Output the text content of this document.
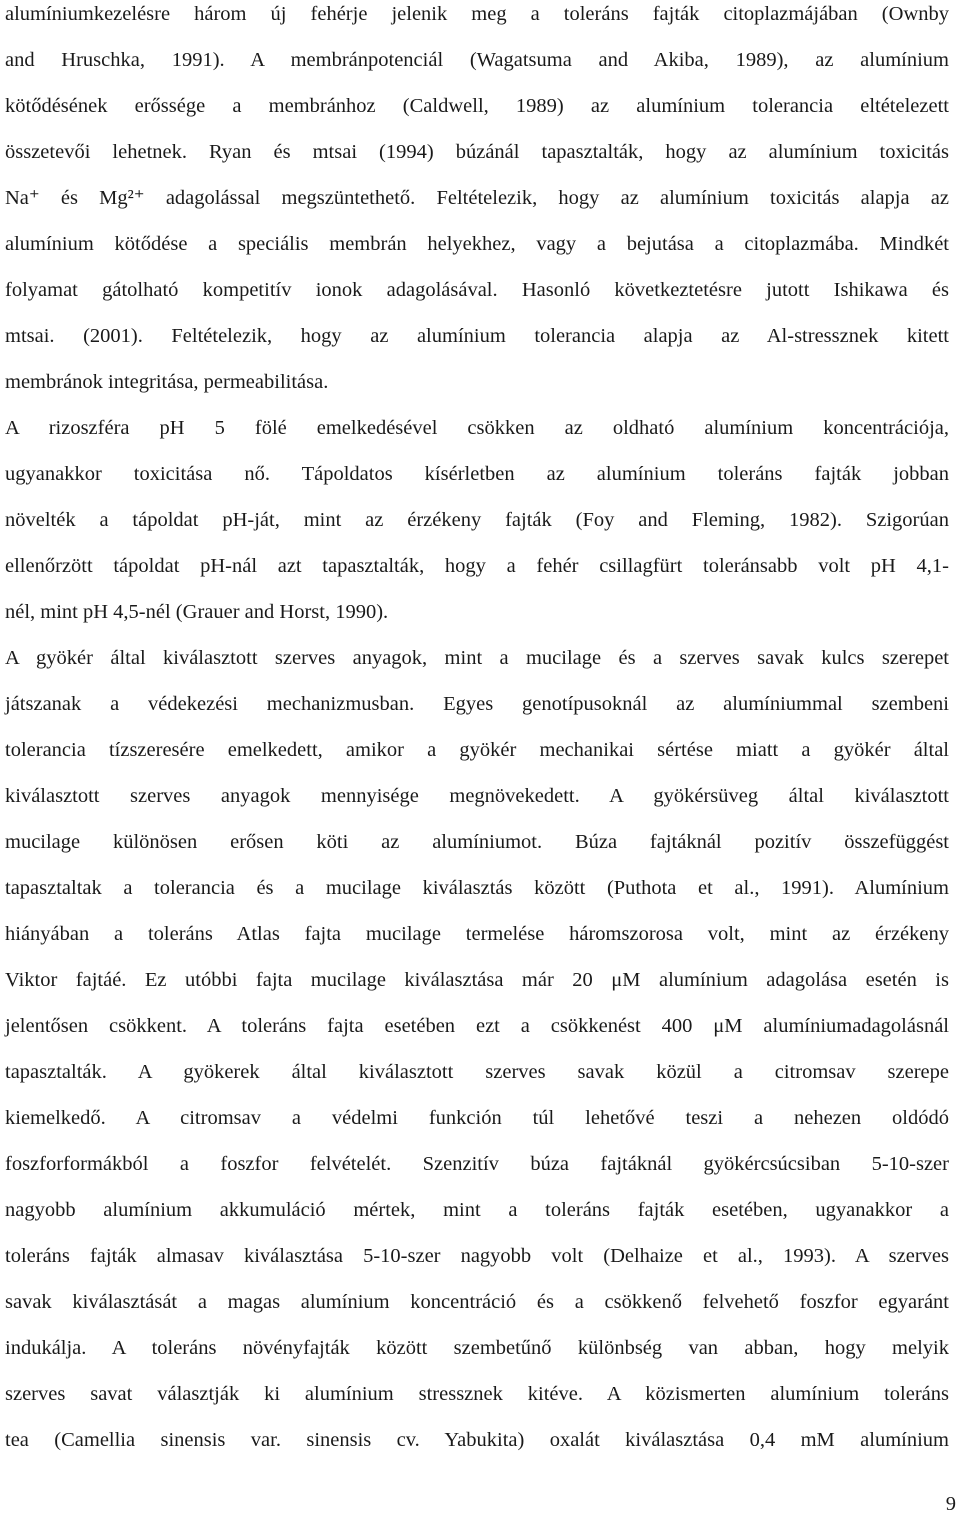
alumíniumkezelésre három új fehérje jelenik meg a toleráns fajták citoplazmájában (Ownby
and Hruschka, 1991). A membránpotenciál (Wagatsuma and Akiba, 1989), az alumínium
kötődésének erőssége a membránhoz (Caldwell, 1989) az alumínium tolerancia eltételezett
összetevői lehetnek. Ryan és mtsai (1994) búzánál tapasztalták, hogy az alumínium toxicitás
Na⁺ és Mg²⁺ adagolással megszüntethető. Feltételezik, hogy az alumínium toxicitás alapja az
alumínium kötődése a speciális membrán helyekhez, vagy a bejutása a citoplazmába. Mindkét
folyamat gátolható kompetitív ionok adagolásával. Hasonló következtetésre jutott Ishikawa és
mtsai. (2001). Feltételezik, hogy az alumínium tolerancia alapja az Al-stressznek kitett
membránok integritása, permeabilitása.
A rizoszféra pH 5 fölé emelkedésével csökken az oldható alumínium koncentrációja,
ugyanakkor toxicitása nő. Tápoldatos kísérletben az alumínium toleráns fajták jobban
növelték a tápoldat pH-ját, mint az érzékeny fajták (Foy and Fleming, 1982). Szigorúan
ellenőrzött tápoldat pH-nál azt tapasztalták, hogy a fehér csillagfürt toleránsabb volt pH 4,1-
nél, mint pH 4,5-nél (Grauer and Horst, 1990).
A gyökér által kiválasztott szerves anyagok, mint a mucilage és a szerves savak kulcs szerepet
játszanak a védekezési mechanizmusban. Egyes genotípusoknál az alumíniummal szembeni
tolerancia tízszeresére emelkedett, amikor a gyökér mechanikai sértése miatt a gyökér által
kiválasztott szerves anyagok mennyisége megnövekedett. A gyökérsüveg által kiválasztott
mucilage különösen erősen köti az alumíniumot. Búza fajtáknál pozitív összefüggést
tapasztaltak a tolerancia és a mucilage kiválasztás között (Puthota et al., 1991). Alumínium
hiányában a toleráns Atlas fajta mucilage termelése háromszorosa volt, mint az érzékeny
Viktor fajtáé. Ez utóbbi fajta mucilage kiválasztása már 20 μM alumínium adagolása esetén is
jelentősen csökkent. A toleráns fajta esetében ezt a csökkenést 400 μM alumíniumadagolásnál
tapasztalták. A gyökerek által kiválasztott szerves savak közül a citromsav szerepe
kiemelkedő. A citromsav a védelmi funkción túl lehetővé teszi a nehezen oldódó
foszforformákból a foszfor felvételét. Szenzitív búza fajtáknál gyökércsúcsiban 5-10-szer
nagyobb alumínium akkumuláció mértek, mint a toleráns fajták esetében, ugyanakkor a
toleráns fajták almasav kiválasztása 5-10-szer nagyobb volt (Delhaize et al., 1993). A szerves
savak kiválasztását a magas alumínium koncentráció és a csökkenő felvehető foszfor egyaránt
indukálja. A toleráns növényfajták között szembetűnő különbség van abban, hogy melyik
szerves savat választják ki alumínium stressznek kitéve. A közismerten alumínium toleráns
tea (Camellia sinensis var. sinensis cv. Yabukita) oxalát kiválasztása 0,4 mM alumínium
9
